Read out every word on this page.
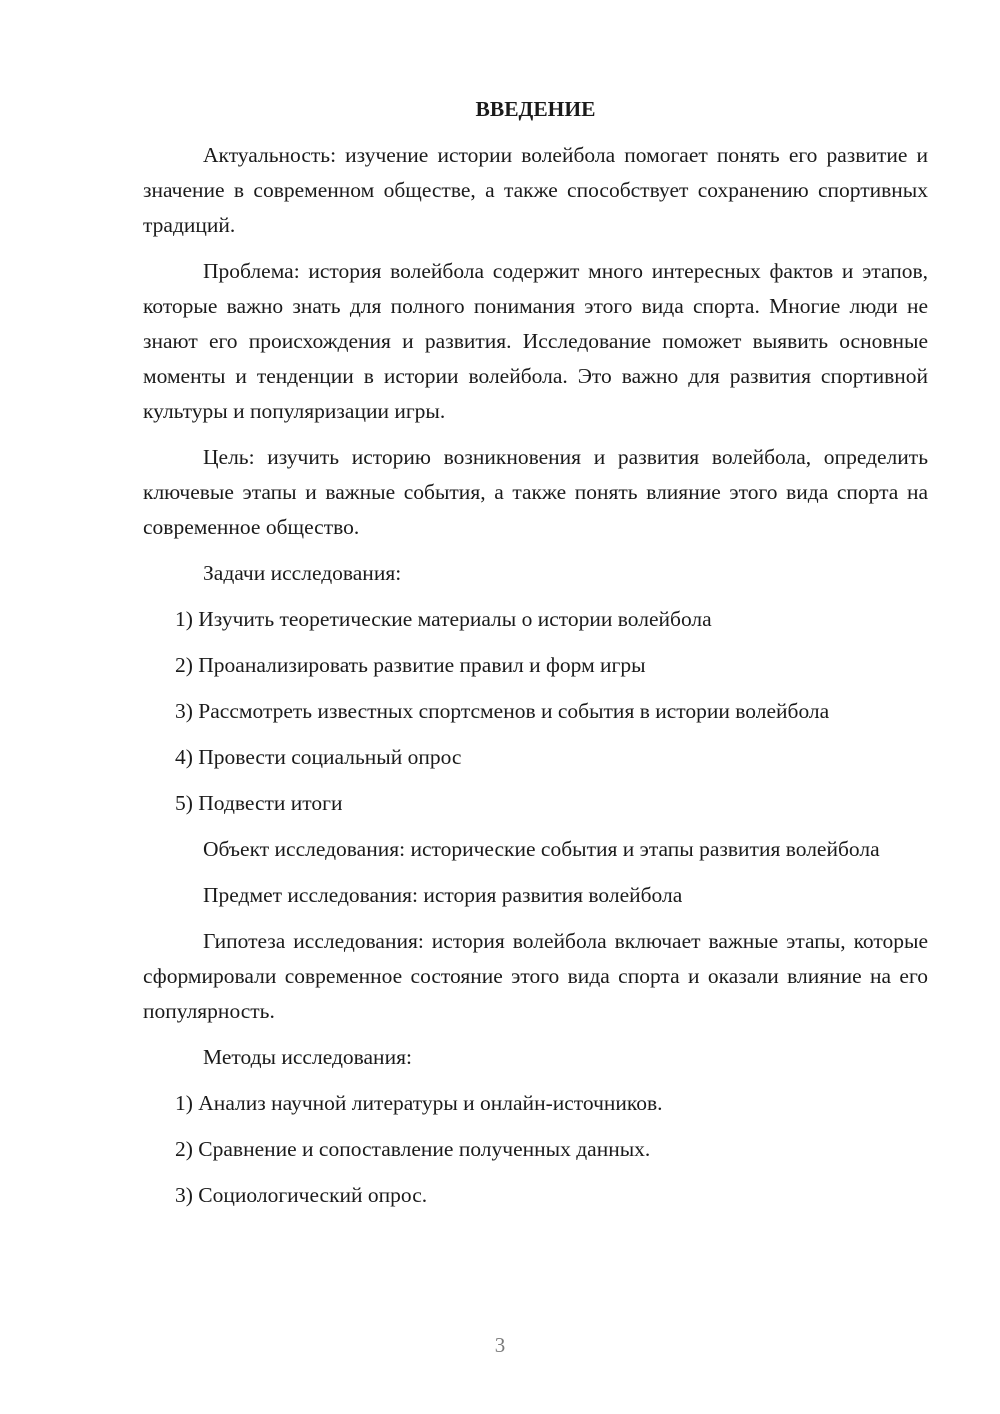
ВВЕДЕНИЕ
Актуальность: изучение истории волейбола помогает понять его развитие и значение в современном обществе, а также способствует сохранению спортивных традиций.
Проблема: история волейбола содержит много интересных фактов и этапов, которые важно знать для полного понимания этого вида спорта. Многие люди не знают его происхождения и развития. Исследование поможет выявить основные моменты и тенденции в истории волейбола. Это важно для развития спортивной культуры и популяризации игры.
Цель: изучить историю возникновения и развития волейбола, определить ключевые этапы и важные события, а также понять влияние этого вида спорта на современное общество.
Задачи исследования:
1) Изучить теоретические материалы о истории волейбола
2) Проанализировать развитие правил и форм игры
3) Рассмотреть известных спортсменов и события в истории волейбола
4) Провести социальный опрос
5) Подвести итоги
Объект исследования: исторические события и этапы развития волейбола
Предмет исследования: история развития волейбола
Гипотеза исследования: история волейбола включает важные этапы, которые сформировали современное состояние этого вида спорта и оказали влияние на его популярность.
Методы исследования:
1) Анализ научной литературы и онлайн-источников.
2) Сравнение и сопоставление полученных данных.
3) Социологический опрос.
3
